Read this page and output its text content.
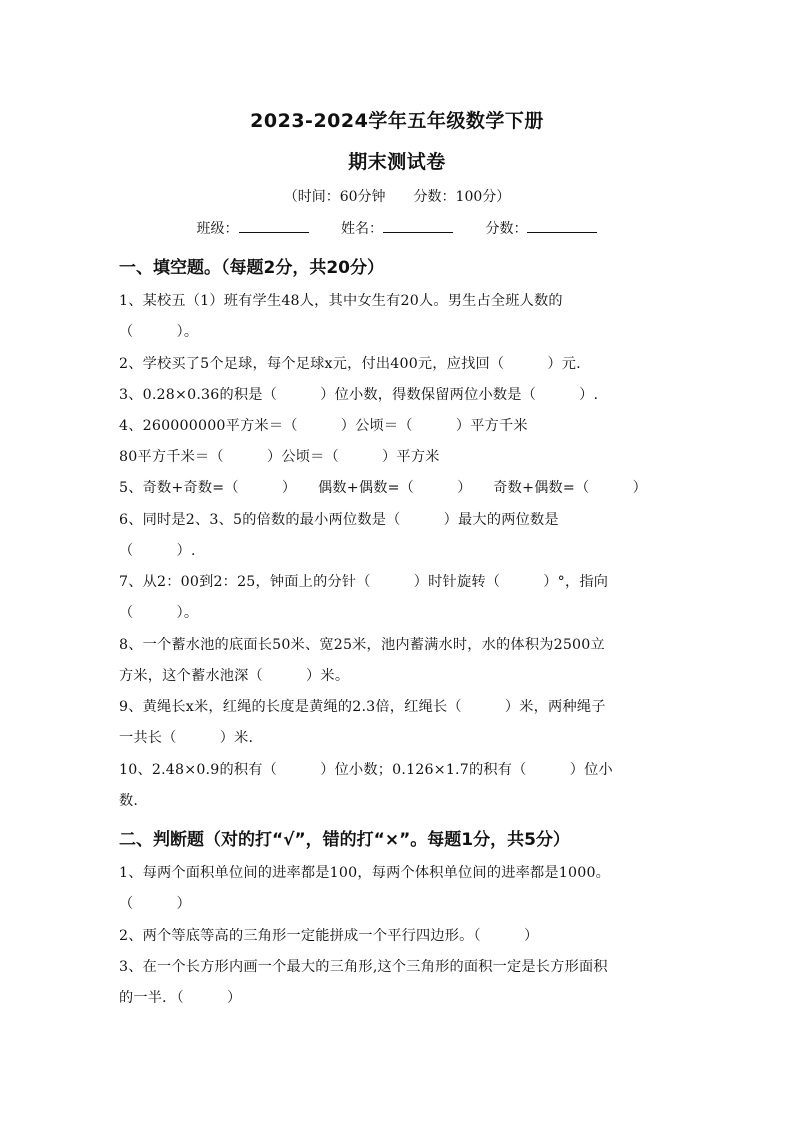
2023-2024学年五年级数学下册
期末测试卷
（时间：60分钟　　分数：100分）
班级：	姓名：	分数：
一、填空题。（每题2分，共20分）
1、某校五（1）班有学生48人，其中女生有20人。男生占全班人数的
（　　　）。
2、学校买了5个足球，每个足球x元，付出400元，应找回（　　　）元.
3、0.28×0.36的积是（　　　）位小数，得数保留两位小数是（　　　）.
4、260000000平方米＝（　　　）公顷＝（　　　）平方千米
80平方千米＝（　　　）公顷＝（　　　）平方米
5、奇数+奇数=（　　　）　　偶数+偶数=（　　　）　　奇数+偶数=（　　　）
6、同时是2、3、5的倍数的最小两位数是（　　　）最大的两位数是
（　　　）.
7、从2：00到2：25，钟面上的分针（　　　）时针旋转（　　　）°，指向
（　　　）。
8、一个蓄水池的底面长50米、宽25米，池内蓄满水时，水的体积为2500立
方米，这个蓄水池深（　　　）米。
9、黄绳长x米，红绳的长度是黄绳的2.3倍，红绳长（　　　）米，两种绳子
一共长（　　　）米.
10、2.48×0.9的积有（　　　）位小数；0.126×1.7的积有（　　　）位小
数.
二、判断题（对的打“√”，错的打“×”。每题1分，共5分）
1、每两个面积单位间的进率都是100，每两个体积单位间的进率都是1000。
（　　　）
2、两个等底等高的三角形一定能拼成一个平行四边形。（　　　）
3、在一个长方形内画一个最大的三角形,这个三角形的面积一定是长方形面积
的一半．（　　　）
